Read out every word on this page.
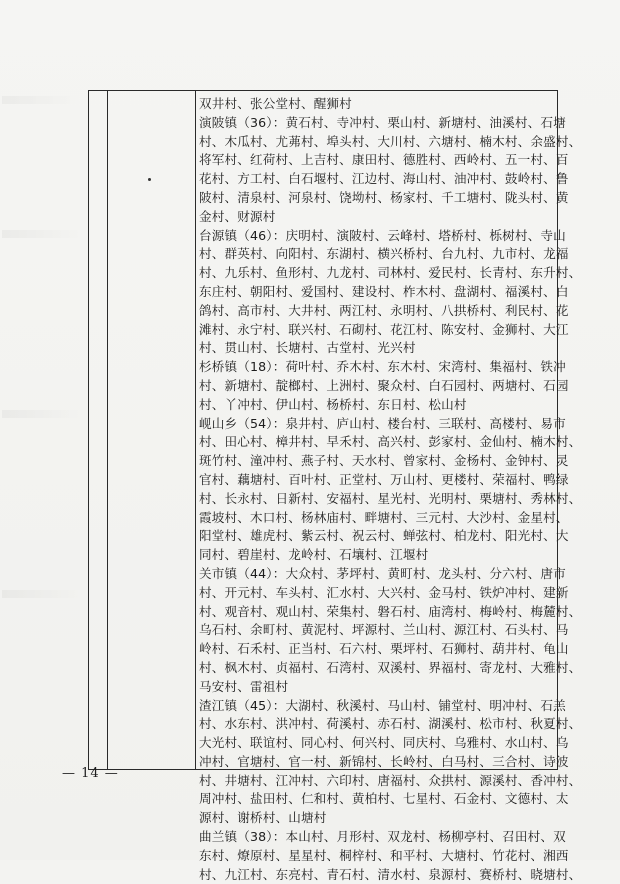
双井村、张公堂村、醒狮村
演陂镇（36）：黄石村、寺冲村、栗山村、新塘村、油溪村、石塘
村、木瓜村、尤茀村、埠头村、大川村、六塘村、楠木村、余盛村、
将军村、红荷村、上吉村、康田村、德胜村、西岭村、五一村、百
花村、方工村、白石堰村、江边村、海山村、油冲村、鼓岭村、鲁
陂村、清泉村、河泉村、饶坳村、杨家村、千工塘村、陇头村、黄
金村、财源村
台源镇（46）：庆明村、演陂村、云峰村、塔桥村、栎树村、寺山
村、群英村、向阳村、东湖村、横兴桥村、台九村、九市村、龙福
村、九乐村、鱼形村、九龙村、司林村、爱民村、长青村、东升村、
东庄村、朝阳村、爱国村、建设村、柞木村、盘湖村、福溪村、白
鸽村、高市村、大井村、两江村、永明村、八拱桥村、利民村、花
滩村、永宁村、联兴村、石砌村、花江村、陈安村、金狮村、大江
村、贯山村、长塘村、古堂村、光兴村
杉桥镇（18）：荷叶村、乔木村、东木村、宋湾村、集福村、铁冲
村、新塘村、靛榔村、上洲村、聚众村、白石园村、两塘村、石园
村、丫冲村、伊山村、杨桥村、东日村、松山村
岘山乡（54）：泉井村、庐山村、楼台村、三联村、高楼村、易市
村、田心村、樟井村、早禾村、高兴村、彭家村、金仙村、楠木村、
斑竹村、潼冲村、燕子村、天水村、曾家村、金杨村、金钟村、灵
官村、藕塘村、百叶村、正堂村、万山村、更楼村、荣福村、鸭绿
村、长永村、日新村、安福村、星光村、光明村、栗塘村、秀林村、
霞坡村、木口村、杨林庙村、畔塘村、三元村、大沙村、金星村、
阳堂村、雄虎村、紫云村、祝云村、蝉弦村、柏龙村、阳光村、大
同村、碧崖村、龙岭村、石壤村、江堰村
关市镇（44）：大众村、茅坪村、黄町村、龙头村、分六村、唐市
村、开元村、车头村、汇水村、大兴村、金马村、铁炉冲村、建新
村、观音村、观山村、荣集村、磐石村、庙湾村、梅岭村、梅麓村、
乌石村、余町村、黄泥村、坪源村、兰山村、源江村、石头村、马
岭村、石禾村、正当村、石六村、栗坪村、石狮村、葫井村、龟山
村、枫木村、贞福村、石湾村、双溪村、界福村、寄龙村、大雅村、
马安村、雷祖村
渣江镇（45）：大湖村、秋溪村、马山村、铺堂村、明冲村、石羔
村、水东村、洪冲村、荷溪村、赤石村、湖溪村、松市村、秋夏村、
大光村、联谊村、同心村、何兴村、同庆村、乌雅村、水山村、乌
冲村、官塘村、官一村、新锦村、长岭村、白马村、三合村、诗波
村、井塘村、江冲村、六印村、唐福村、众拱村、源溪村、香冲村、
周冲村、盐田村、仁和村、黄柏村、七星村、石金村、文德村、太
源村、谢桥村、山塘村
曲兰镇（38）：本山村、月形村、双龙村、杨柳亭村、召田村、双
东村、燎原村、星星村、桐梓村、和平村、大塘村、竹花村、湘西
村、九江村、东亮村、青石村、清水村、泉源村、赛桥村、晓塘村、
— 14 —
